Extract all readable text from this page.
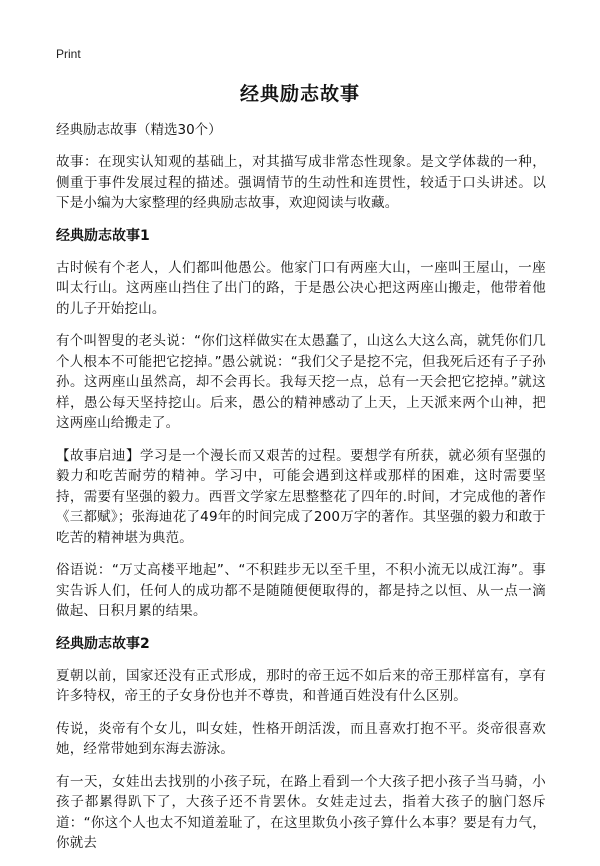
Print
经典励志故事

经典励志故事（精选30个）

故事：在现实认知观的基础上，对其描写成非常态性现象。是文学体裁的一种，侧重于事件发展过程的描述。强调情节的生动性和连贯性，较适于口头讲述。以下是小编为大家整理的经典励志故事，欢迎阅读与收藏。

经典励志故事1

古时候有个老人，人们都叫他愚公。他家门口有两座大山，一座叫王屋山，一座叫太行山。这两座山挡住了出门的路，于是愚公决心把这两座山搬走，他带着他的儿子开始挖山。

有个叫智叟的老头说：“你们这样做实在太愚蠢了，山这么大这么高，就凭你们几个人根本不可能把它挖掉。”愚公就说：“我们父子是挖不完，但我死后还有子子孙孙。这两座山虽然高，却不会再长。我每天挖一点，总有一天会把它挖掉。”就这样，愚公每天坚持挖山。后来，愚公的精神感动了上天，上天派来两个山神，把这两座山给搬走了。

【故事启迪】学习是一个漫长而又艰苦的过程。要想学有所获，就必须有坚强的毅力和吃苦耐劳的精神。学习中，可能会遇到这样或那样的困难，这时需要坚持，需要有坚强的毅力。西晋文学家左思整整花了四年的.时间，才完成他的著作《三都赋》；张海迪花了49年的时间完成了200万字的著作。其坚强的毅力和敢于吃苦的精神堪为典范。

俗语说：“万丈高楼平地起”、“不积跬步无以至千里，不积小流无以成江海”。事实告诉人们，任何人的成功都不是随随便便取得的，都是持之以恒、从一点一滴做起、日积月累的结果。

经典励志故事2

夏朝以前，国家还没有正式形成，那时的帝王远不如后来的帝王那样富有，享有许多特权，帝王的子女身份也并不尊贵，和普通百姓没有什么区别。

传说，炎帝有个女儿，叫女娃，性格开朗活泼，而且喜欢打抱不平。炎帝很喜欢她，经常带她到东海去游泳。

有一天，女娃出去找别的小孩子玩，在路上看到一个大孩子把小孩子当马骑，小孩子都累得趴下了，大孩子还不肯罢休。女娃走过去，指着大孩子的脑门怒斥道：“你这个人也太不知道羞耻了，在这里欺负小孩子算什么本事？要是有力气，你就去
